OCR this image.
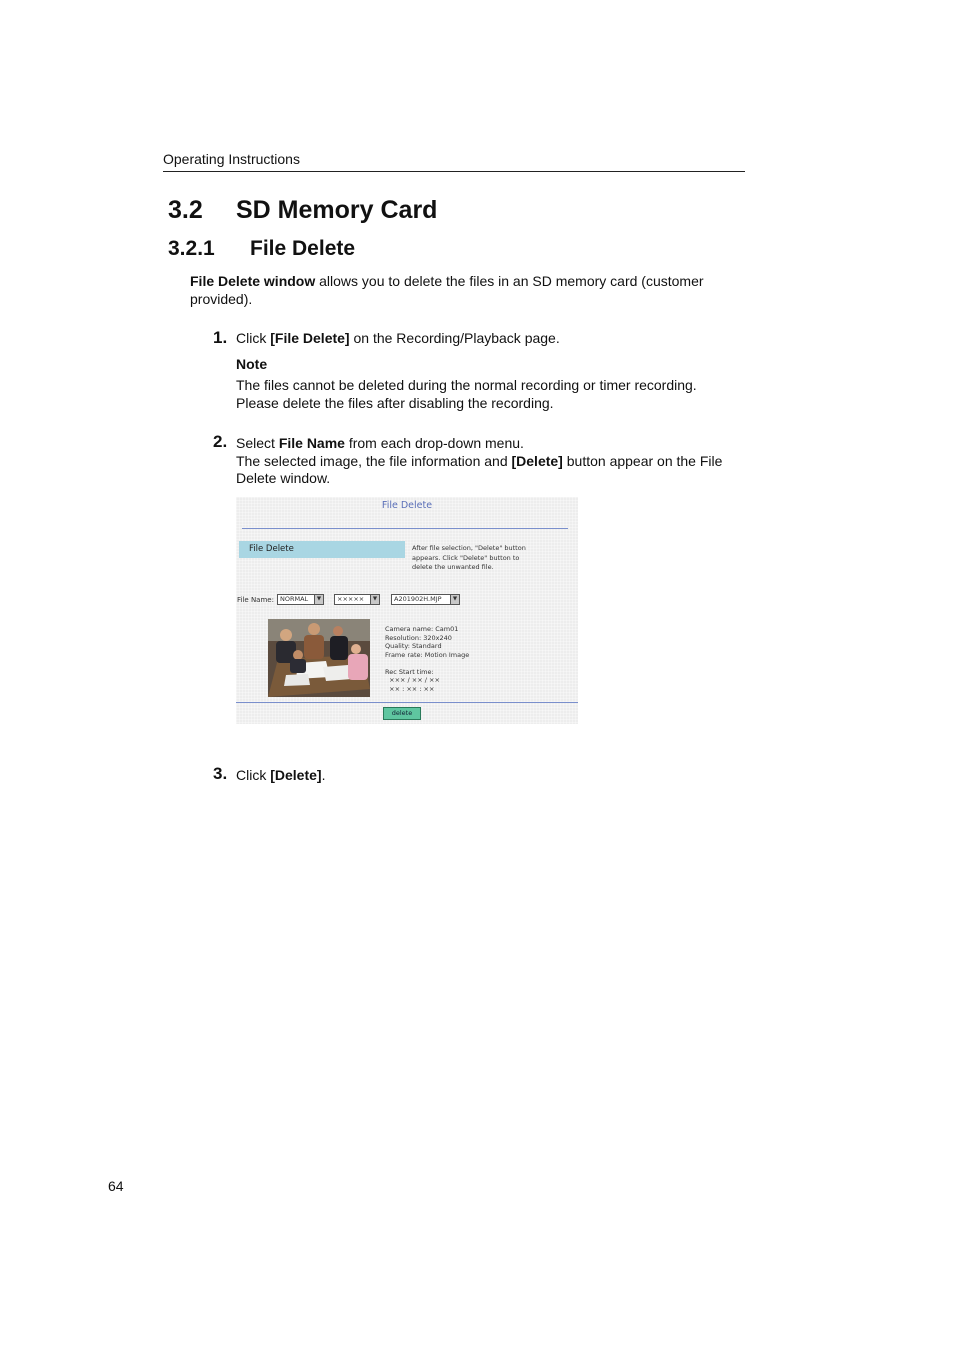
Operating Instructions
3.2 SD Memory Card
3.2.1 File Delete
File Delete window allows you to delete the files in an SD memory card (customer provided).
1. Click [File Delete] on the Recording/Playback page.
Note
The files cannot be deleted during the normal recording or timer recording.
Please delete the files after disabling the recording.
2. Select File Name from each drop-down menu.
The selected image, the file information and [Delete] button appear on the File Delete window.
File Delete
File Delete	After file selection, "Delete" button
appears. Click "Delete" button to
delete the unwanted file.
File Name: NORMAL	▼	×××××	▼	A201902H.MJP	▼
Camera name: Cam01
Resolution: 320x240
Quality: Standard
Frame rate: Motion Image
Rec Start time:
××× / ×× / ××
×× : ×× : ××
delete
3. Click [Delete].
64
